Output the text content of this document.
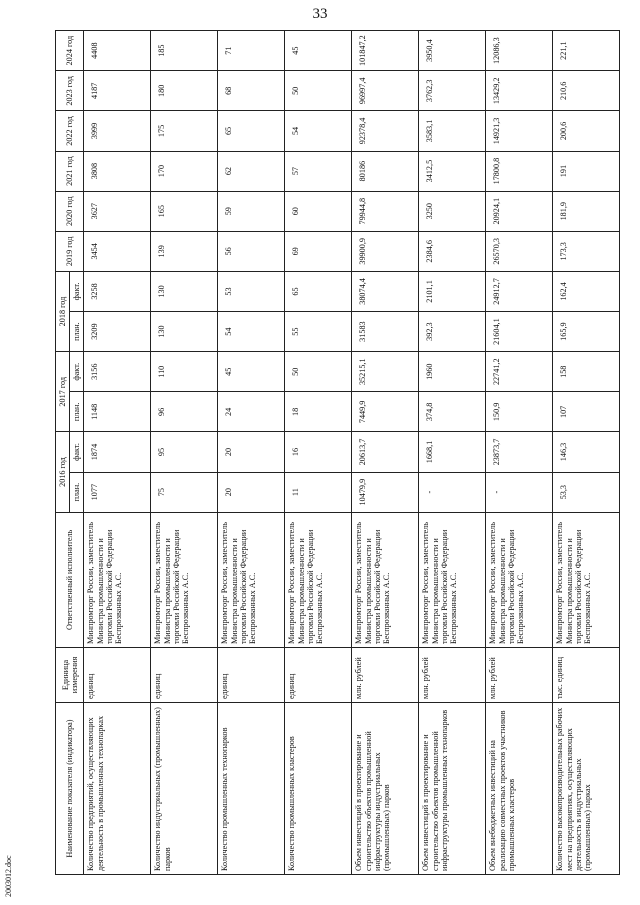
33
Наименование показателя (индикатора)	Единица измерения	Ответственный исполнитель	2016 год		2017 год		2018 год		2019 год	2020 год	2021 год	2022 год	2023 год	2024 год
			план.	факт.	план.	факт.	план.	факт.						
Количество предприятий, осуществляющих деятельность в промышленных технопарках	единиц	Минпромторг России, заместитель Министра промышленности и торговли Российской Федерации Беспрозванных А.С.	1077	1874	1148	3156	3209	3258	3454	3627	3808	3999	4187	4408
Количество индустриальных (промышленных) парков	единиц	Минпромторг России, заместитель Министра промышленности и торговли Российской Федерации Беспрозванных А.С.	75	95	96	110	130	130	139	165	170	175	180	185
Количество промышленных технопарков	единиц	Минпромторг России, заместитель Министра промышленности и торговли Российской Федерации Беспрозванных А.С.	20	20	24	45	54	53	56	59	62	65	68	71
Количество промышленных кластеров	единиц	Минпромторг России, заместитель Министра промышленности и торговли Российской Федерации Беспрозванных А.С.	11	16	18	50	55	65	69	60	57	54	50	45
Объем инвестиций в проектирование и строительство объектов промышленной инфраструктуры индустриальных (промышленных) парков	млн. рублей	Минпромторг России, заместитель Министра промышленности и торговли Российской Федерации Беспрозванных А.С.	10479,9	20613,7	7449,9	35215,1	31583	38074,4	39900,9	79944,8	80186	92378,4	96997,4	101847,2
Объем инвестиций в проектирование и строительство объектов промышленной инфраструктуры промышленных технопарков	млн. рублей	Минпромторг России, заместитель Министра промышленности и торговли Российской Федерации Беспрозванных А.С.	-	1668,1	374,8	1960	392,3	2101,1	2384,6	3250	3412,5	3583,1	3762,3	3950,4
Объем внебюджетных инвестиций на реализацию совместных проектов участников промышленных кластеров	млн. рублей	Минпромторг России, заместитель Министра промышленности и торговли Российской Федерации Беспрозванных А.С.	-	23873,7	150,9	22741,2	21604,1	24912,7	26570,3	20924,1	17800,8	14921,3	13429,2	12086,3
Количество высокопроизводительных рабочих мест на предприятиях, осуществляющих деятельность в индустриальных (промышленных) парках	тыс. единиц	Минпромторг России, заместитель Министра промышленности и торговли Российской Федерации Беспрозванных А.С.	53,3	146,3	107	158	165,9	162,4	173,3	181,9	191	200,6	210,6	221,1
2003012.doc
